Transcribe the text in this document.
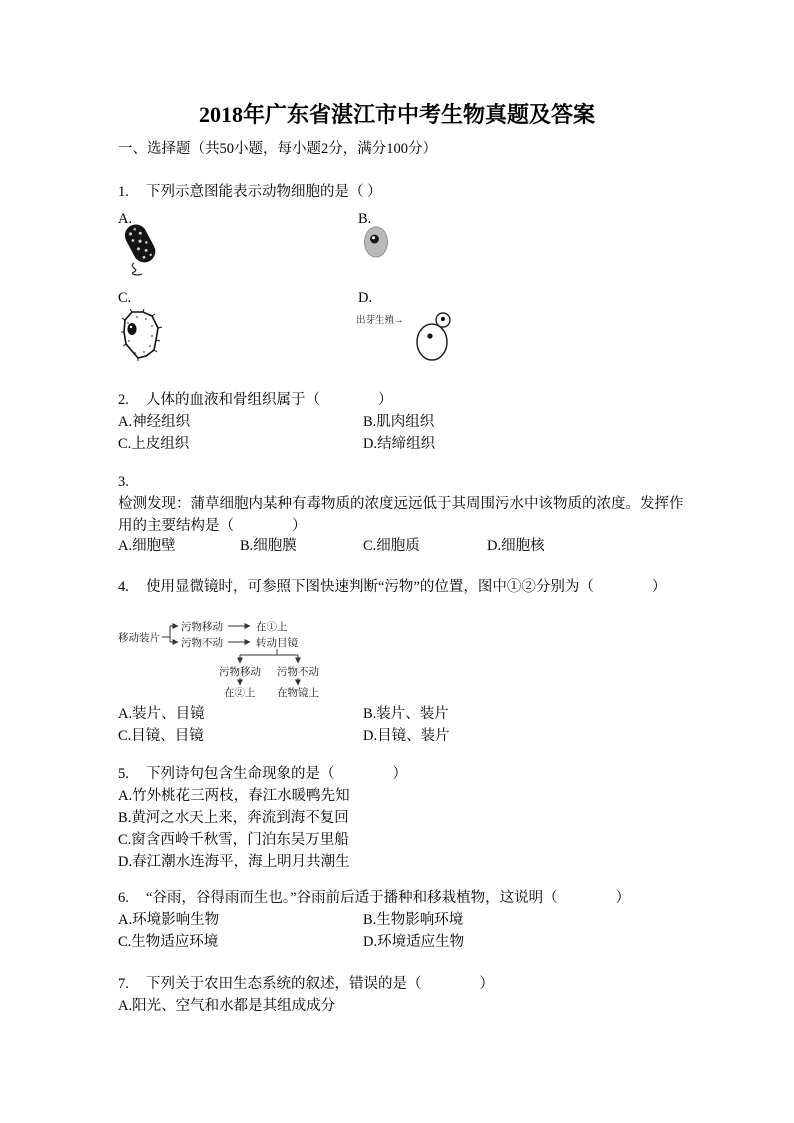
2018年广东省湛江市中考生物真题及答案
一、选择题（共50小题，每小题2分，满分100分）
1. 下列示意图能表示动物细胞的是（ ）
A.	B.
C.	D.
出芽生殖→
2. 人体的血液和骨组织属于（　　　　）
A.神经组织	B.肌肉组织
C.上皮组织	D.结缔组织
3.
检测发现：蒲草细胞内某种有毒物质的浓度远远低于其周围污水中该物质的浓度。发挥作
用的主要结构是（　　　　）
A.细胞壁	B.细胞膜	C.细胞质	D.细胞核
4. 使用显微镜时，可参照下图快速判断“污物”的位置，图中①②分别为（　　　　）
移动装片
污物移动	在①上
污物不动	转动目镜
污物移动 污物不动
在②上 在物镜上
A.装片、目镜	B.装片、装片
C.目镜、目镜	D.目镜、装片
5. 下列诗句包含生命现象的是（　　　　）
A.竹外桃花三两枝，春江水暖鸭先知
B.黄河之水天上来，奔流到海不复回
C.窗含西岭千秋雪，门泊东吴万里船
D.春江潮水连海平，海上明月共潮生
6. “谷雨，谷得雨而生也。”谷雨前后适于播种和移栽植物，这说明（　　　　）
A.环境影响生物	B.生物影响环境
C.生物适应环境	D.环境适应生物
7. 下列关于农田生态系统的叙述，错误的是（　　　　）
A.阳光、空气和水都是其组成成分
